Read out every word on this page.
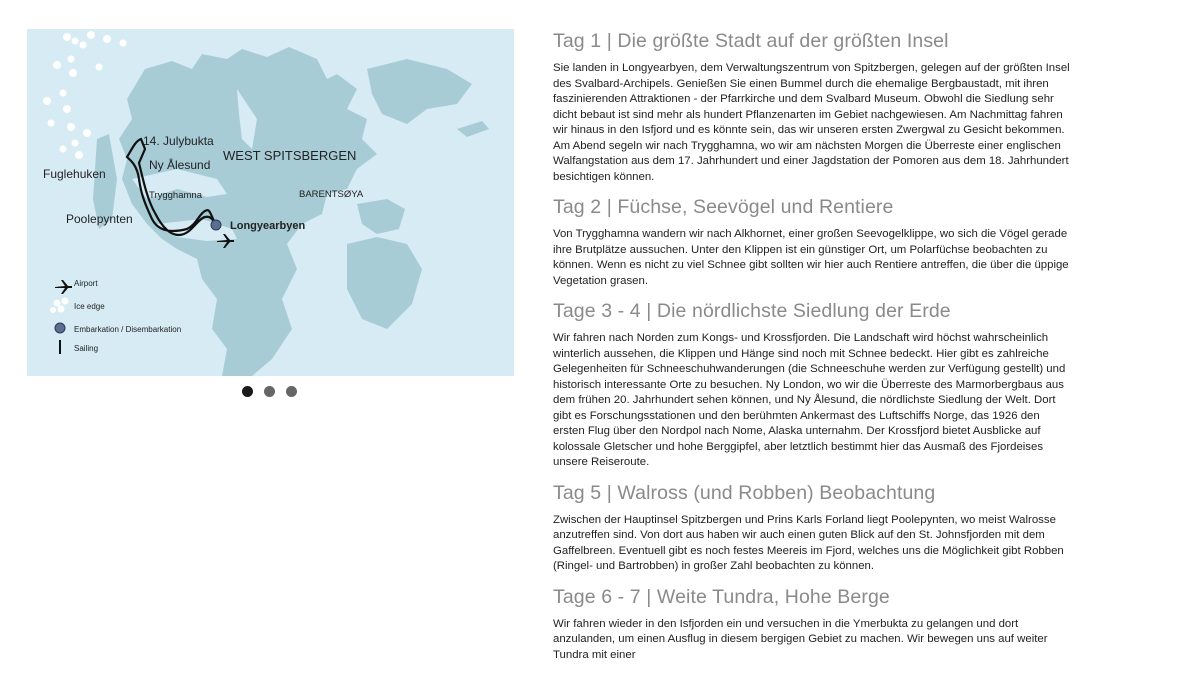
14. Julybukta
Ny Ålesund
WEST SPITSBERGEN
Fuglehuken
Trygghamna	BARENTSØYA
Poolepynten	Longyearbyen
Airport
Ice edge
Embarkation / Disembarkation
Sailing
Tag 1 | Die größte Stadt auf der größten Insel

Sie landen in Longyearbyen, dem Verwaltungszentrum von Spitzbergen, gelegen auf der größten Insel des Svalbard-Archipels. Genießen Sie einen Bummel durch die ehemalige Bergbaustadt, mit ihren faszinierenden Attraktionen - der Pfarrkirche und dem Svalbard Museum. Obwohl die Siedlung sehr dicht bebaut ist sind mehr als hundert Pflanzenarten im Gebiet nachgewiesen. Am Nachmittag fahren wir hinaus in den Isfjord und es könnte sein, das wir unseren ersten Zwergwal zu Gesicht bekommen. Am Abend segeln wir nach Trygghamna, wo wir am nächsten Morgen die Überreste einer englischen Walfangstation aus dem 17. Jahrhundert und einer Jagdstation der Pomoren aus dem 18. Jahrhundert besichtigen können.

Tag 2 | Füchse, Seevögel und Rentiere

Von Trygghamna wandern wir nach Alkhornet, einer großen Seevogelklippe, wo sich die Vögel gerade ihre Brutplätze aussuchen. Unter den Klippen ist ein günstiger Ort, um Polarfüchse beobachten zu können. Wenn es nicht zu viel Schnee gibt sollten wir hier auch Rentiere antreffen, die über die üppige Vegetation grasen.

Tage 3 - 4 | Die nördlichste Siedlung der Erde

Wir fahren nach Norden zum Kongs- und Krossfjorden. Die Landschaft wird höchst wahrscheinlich winterlich aussehen, die Klippen und Hänge sind noch mit Schnee bedeckt. Hier gibt es zahlreiche Gelegenheiten für Schneeschuhwanderungen (die Schneeschuhe werden zur Verfügung gestellt) und historisch interessante Orte zu besuchen. Ny London, wo wir die Überreste des Marmorbergbaus aus dem frühen 20. Jahrhundert sehen können, und Ny Ålesund, die nördlichste Siedlung der Welt. Dort gibt es Forschungsstationen und den berühmten Ankermast des Luftschiffs Norge, das 1926 den ersten Flug über den Nordpol nach Nome, Alaska unternahm. Der Krossfjord bietet Ausblicke auf kolossale Gletscher und hohe Berggipfel, aber letztlich bestimmt hier das Ausmaß des Fjordeises unsere Reiseroute.

Tag 5 | Walross (und Robben) Beobachtung

Zwischen der Hauptinsel Spitzbergen und Prins Karls Forland liegt Poolepynten, wo meist Walrosse anzutreffen sind. Von dort aus haben wir auch einen guten Blick auf den St. Johnsfjorden mit dem Gaffelbreen. Eventuell gibt es noch festes Meereis im Fjord, welches uns die Möglichkeit gibt Robben (Ringel- und Bartrobben) in großer Zahl beobachten zu können.

Tage 6 - 7 | Weite Tundra, Hohe Berge

Wir fahren wieder in den Isfjorden ein und versuchen in die Ymerbukta zu gelangen und dort anzulanden, um einen Ausflug in diesem bergigen Gebiet zu machen. Wir bewegen uns auf weiter Tundra mit einer
